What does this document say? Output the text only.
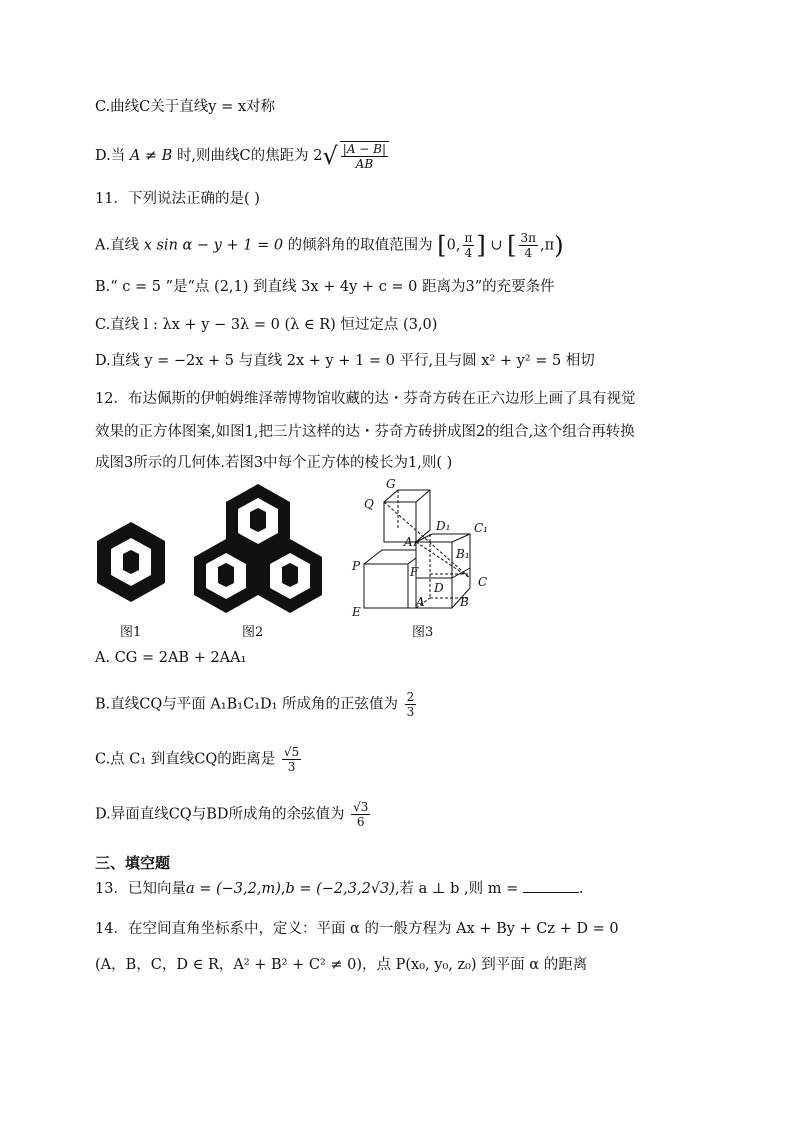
C.曲线C关于直线y = x对称
D.当 A ≠ B 时,则曲线C的焦距为 $2√ \frac{|A - B|}{AB}$
11．下列说法正确的是( )
A.直线 x sin α − y + 1 = 0 的倾斜角的取值范围为 [0, $\frac{\pi}{4}$ ] ∪ [ $\frac{3\pi}{4} ,\pi$)
B.“ c = 5 ”是“点 (2,1) 到直线 3x + 4y + c = 0 距离为3”的充要条件
C.直线 l : λx + y − 3λ = 0 (λ ∈ R) 恒过定点 (3,0)
D.直线 y = −2x + 5 与直线 2x + y + 1 = 0 平行,且与圆 x² + y² = 5 相切
12．布达佩斯的伊帕姆维泽蒂博物馆收藏的达・芬奇方砖在正六边形上画了具有视觉
效果的正方体图案,如图1,把三片这样的达・芬奇方砖拼成图2的组合,这个组合再转换
成图3所示的几何体.若图3中每个正方体的棱长为1,则( )
图1	图2
G
Q
D₁ C₁
A₁
B₁
P	F
D	C
E
A	B
图3
A. CG = 2AB + 2AA₁
B.直线CQ与平面 A₁B₁C₁D₁ 所成角的正弦值为 $\frac{2}{3}$
C.点 C₁ 到直线CQ的距离是 $\frac{√5}{3}$
D.异面直线CQ与BD所成角的余弦值为 $\frac{√3}{6}$
三、填空题
13．已知向量a = (−3,2,m),b = (−2,3,2√3),若 a ⊥ b ,则 m =	.
14．在空间直角坐标系中，定义：平面 α 的一般方程为 Ax + By + Cz + D = 0
(A，B，C，D ∈ R，A² + B² + C² ≠ 0)，点 P(x₀, y₀, z₀) 到平面 α 的距离
